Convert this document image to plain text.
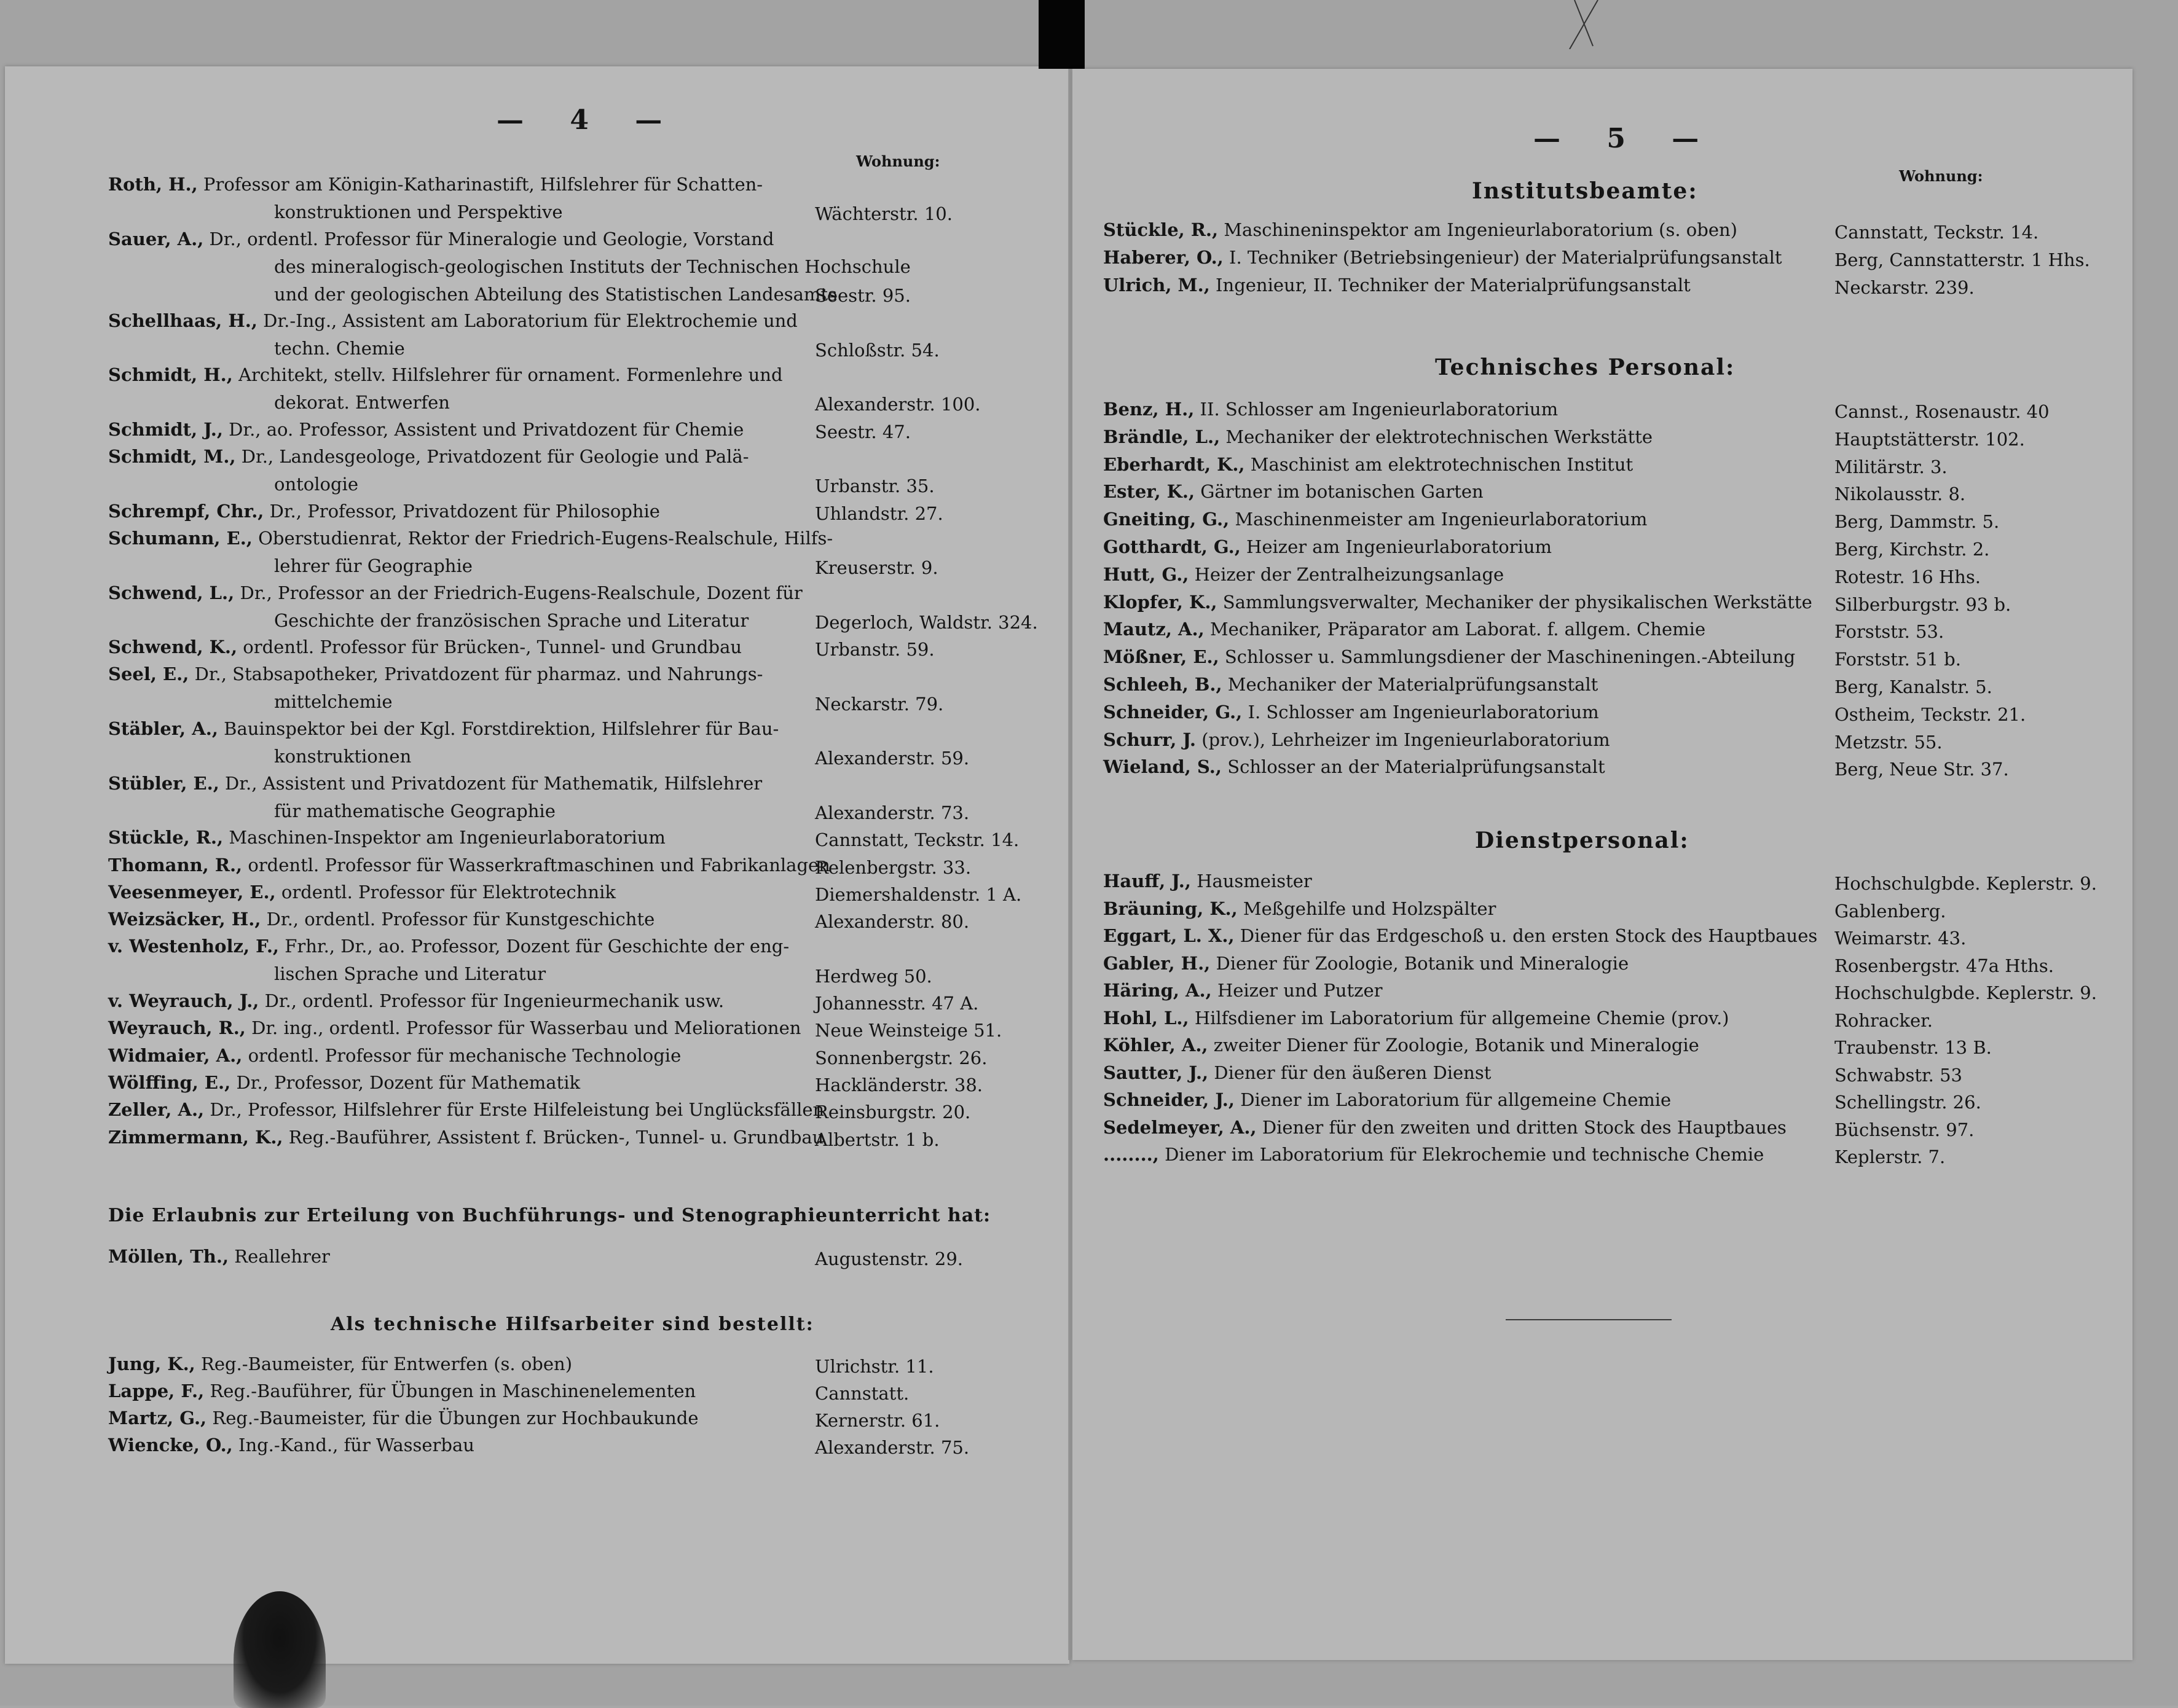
— 4 —
Wohnung:
Roth, H., Professor am Königin-Katharinastift, Hilfslehrer für Schatten-
konstruktionen und Perspektive	Wächterstr. 10.
Sauer, A., Dr., ordentl. Professor für Mineralogie und Geologie, Vorstand
des mineralogisch-geologischen Instituts der Technischen Hochschule
und der geologischen Abteilung des Statistischen Landesamts
Seestr. 95.
Schellhaas, H., Dr.-Ing., Assistent am Laboratorium für Elektrochemie und
techn. Chemie	Schloßstr. 54.
Schmidt, H., Architekt, stellv. Hilfslehrer für ornament. Formenlehre und
dekorat. Entwerfen	Alexanderstr. 100.
Schmidt, J., Dr., ao. Professor, Assistent und Privatdozent für Chemie	Seestr. 47.
Schmidt, M., Dr., Landesgeologe, Privatdozent für Geologie und Palä-
ontologie	Urbanstr. 35.
Schrempf, Chr., Dr., Professor, Privatdozent für Philosophie	Uhlandstr. 27.
Schumann, E., Oberstudienrat, Rektor der Friedrich-Eugens-Realschule, Hilfs-
lehrer für Geographie	Kreuserstr. 9.
Schwend, L., Dr., Professor an der Friedrich-Eugens-Realschule, Dozent für
Geschichte der französischen Sprache und Literatur	Degerloch, Waldstr. 324.
Schwend, K., ordentl. Professor für Brücken-, Tunnel- und Grundbau	Urbanstr. 59.
Seel, E., Dr., Stabsapotheker, Privatdozent für pharmaz. und Nahrungs-
mittelchemie	Neckarstr. 79.
Stäbler, A., Bauinspektor bei der Kgl. Forstdirektion, Hilfslehrer für Bau-
konstruktionen	Alexanderstr. 59.
Stübler, E., Dr., Assistent und Privatdozent für Mathematik, Hilfslehrer
für mathematische Geographie	Alexanderstr. 73.
Stückle, R., Maschinen-Inspektor am Ingenieurlaboratorium	Cannstatt, Teckstr. 14.
Thomann, R., ordentl. Professor für Wasserkraftmaschinen und Fabrikanlagen
Relenbergstr. 33.
Veesenmeyer, E., ordentl. Professor für Elektrotechnik	Diemershaldenstr. 1 A.
Weizsäcker, H., Dr., ordentl. Professor für Kunstgeschichte	Alexanderstr. 80.
v. Westenholz, F., Frhr., Dr., ao. Professor, Dozent für Geschichte der eng-
lischen Sprache und Literatur	Herdweg 50.
v. Weyrauch, J., Dr., ordentl. Professor für Ingenieurmechanik usw.	Johannesstr. 47 A.
Weyrauch, R., Dr. ing., ordentl. Professor für Wasserbau und Meliorationen Neue Weinsteige 51.
Widmaier, A., ordentl. Professor für mechanische Technologie	Sonnenbergstr. 26.
Wölffing, E., Dr., Professor, Dozent für Mathematik	Hackländerstr. 38.
Zeller, A., Dr., Professor, Hilfslehrer für Erste Hilfeleistung bei Unglücksfällen
Reinsburgstr. 20.
Zimmermann, K., Reg.-Bauführer, Assistent f. Brücken-, Tunnel- u. Grundbau
Albertstr. 1 b.
Die Erlaubnis zur Erteilung von Buchführungs- und Stenographieunterricht hat:
Möllen, Th., Reallehrer	Augustenstr. 29.
Als technische Hilfsarbeiter sind bestellt:
Jung, K., Reg.-Baumeister, für Entwerfen (s. oben)	Ulrichstr. 11.
Lappe, F., Reg.-Bauführer, für Übungen in Maschinenelementen	Cannstatt.
Martz, G., Reg.-Baumeister, für die Übungen zur Hochbaukunde	Kernerstr. 61.
Wiencke, O., Ing.-Kand., für Wasserbau	Alexanderstr. 75.
— 5 —
Wohnung:
Institutsbeamte:
Stückle, R., Maschineninspektor am Ingenieurlaboratorium (s. oben)	Cannstatt, Teckstr. 14.
Haberer, O., I. Techniker (Betriebsingenieur) der Materialprüfungsanstalt	Berg, Cannstatterstr. 1 Hhs.
Ulrich, M., Ingenieur, II. Techniker der Materialprüfungsanstalt	Neckarstr. 239.
Technisches Personal:
Benz, H., II. Schlosser am Ingenieurlaboratorium	Cannst., Rosenaustr. 40
Brändle, L., Mechaniker der elektrotechnischen Werkstätte	Hauptstätterstr. 102.
Eberhardt, K., Maschinist am elektrotechnischen Institut	Militärstr. 3.
Ester, K., Gärtner im botanischen Garten	Nikolausstr. 8.
Gneiting, G., Maschinenmeister am Ingenieurlaboratorium	Berg, Dammstr. 5.
Gotthardt, G., Heizer am Ingenieurlaboratorium	Berg, Kirchstr. 2.
Hutt, G., Heizer der Zentralheizungsanlage	Rotestr. 16 Hhs.
Klopfer, K., Sammlungsverwalter, Mechaniker der physikalischen Werkstätte Silberburgstr. 93 b.
Mautz, A., Mechaniker, Präparator am Laborat. f. allgem. Chemie	Forststr. 53.
Mößner, E., Schlosser u. Sammlungsdiener der Maschineningen.-Abteilung Forststr. 51 b.
Schleeh, B., Mechaniker der Materialprüfungsanstalt	Berg, Kanalstr. 5.
Schneider, G., I. Schlosser am Ingenieurlaboratorium	Ostheim, Teckstr. 21.
Schurr, J. (prov.), Lehrheizer im Ingenieurlaboratorium	Metzstr. 55.
Wieland, S., Schlosser an der Materialprüfungsanstalt	Berg, Neue Str. 37.
Dienstpersonal:
Hauff, J., Hausmeister	Hochschulgbde. Keplerstr. 9.
Bräuning, K., Meßgehilfe und Holzspälter	Gablenberg.
Eggart, L. X., Diener für das Erdgeschoß u. den ersten Stock des Hauptbaues Weimarstr. 43.
Gabler, H., Diener für Zoologie, Botanik und Mineralogie	Rosenbergstr. 47a Hths.
Häring, A., Heizer und Putzer	Hochschulgbde. Keplerstr. 9.
Hohl, L., Hilfsdiener im Laboratorium für allgemeine Chemie (prov.)	Rohracker.
Köhler, A., zweiter Diener für Zoologie, Botanik und Mineralogie	Traubenstr. 13 B.
Sautter, J., Diener für den äußeren Dienst	Schwabstr. 53
Schneider, J., Diener im Laboratorium für allgemeine Chemie	Schellingstr. 26.
Sedelmeyer, A., Diener für den zweiten und dritten Stock des Hauptbaues	Büchsenstr. 97.
........, Diener im Laboratorium für Elekrochemie und technische Chemie	Keplerstr. 7.
